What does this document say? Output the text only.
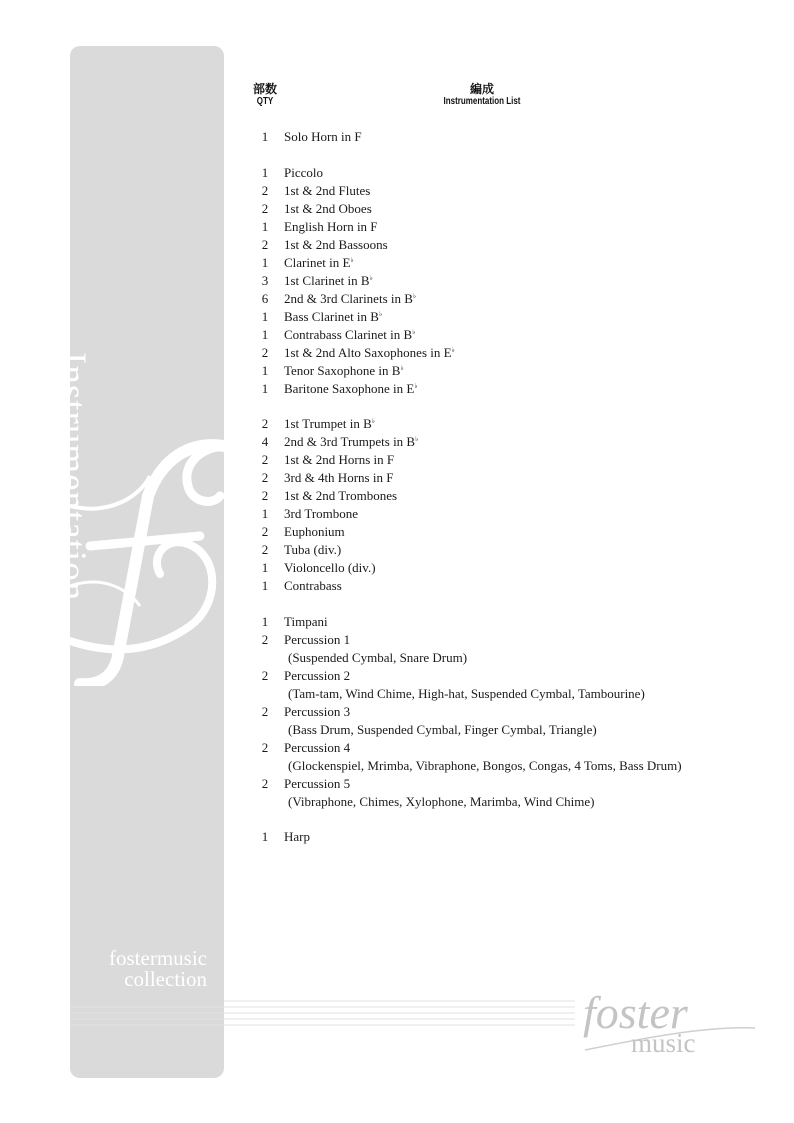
Instrumentation
fostermusic
collection
foster
music
部数
QTY
編成
Instrumentation List
1 Solo Horn in F
1 Piccolo
2 1st & 2nd Flutes
2 1st & 2nd Oboes
1 English Horn in F
2 1st & 2nd Bassoons
1 Clarinet in E♭
3 1st Clarinet in B♭
6 2nd & 3rd Clarinets in B♭
1 Bass Clarinet in B♭
1 Contrabass Clarinet in B♭
2 1st & 2nd Alto Saxophones in E♭
1 Tenor Saxophone in B♭
1 Baritone Saxophone in E♭
2 1st Trumpet in B♭
4 2nd & 3rd Trumpets in B♭
2 1st & 2nd Horns in F
2 3rd & 4th Horns in F
2 1st & 2nd Trombones
1 3rd Trombone
2 Euphonium
2 Tuba (div.)
1 Violoncello (div.)
1 Contrabass
1 Timpani
2 Percussion 1
(Suspended Cymbal, Snare Drum)
2 Percussion 2
(Tam-tam, Wind Chime, High-hat, Suspended Cymbal, Tambourine)
2 Percussion 3
(Bass Drum, Suspended Cymbal, Finger Cymbal, Triangle)
2 Percussion 4
(Glockenspiel, Mrimba, Vibraphone, Bongos, Congas, 4 Toms, Bass Drum)
2 Percussion 5
(Vibraphone, Chimes, Xylophone, Marimba, Wind Chime)
1 Harp
